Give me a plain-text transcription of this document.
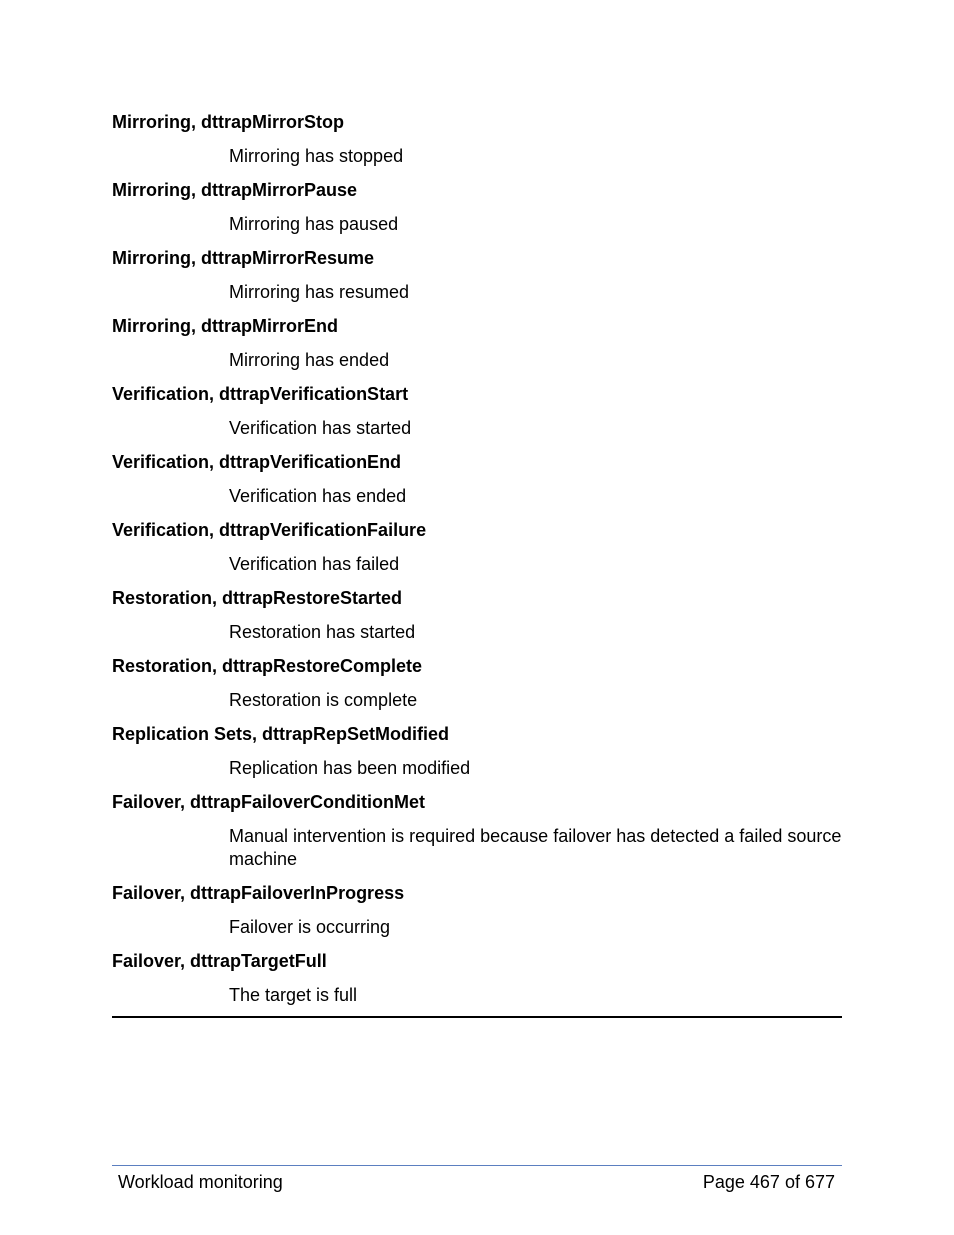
Mirroring, dttrapMirrorStop
Mirroring has stopped
Mirroring, dttrapMirrorPause
Mirroring has paused
Mirroring, dttrapMirrorResume
Mirroring has resumed
Mirroring, dttrapMirrorEnd
Mirroring has ended
Verification, dttrapVerificationStart
Verification has started
Verification, dttrapVerificationEnd
Verification has ended
Verification, dttrapVerificationFailure
Verification has failed
Restoration, dttrapRestoreStarted
Restoration has started
Restoration, dttrapRestoreComplete
Restoration is complete
Replication Sets, dttrapRepSetModified
Replication has been modified
Failover, dttrapFailoverConditionMet
Manual intervention is required because failover has detected a failed source machine
Failover, dttrapFailoverInProgress
Failover is occurring
Failover, dttrapTargetFull
The target is full
Workload monitoring	Page 467 of 677
